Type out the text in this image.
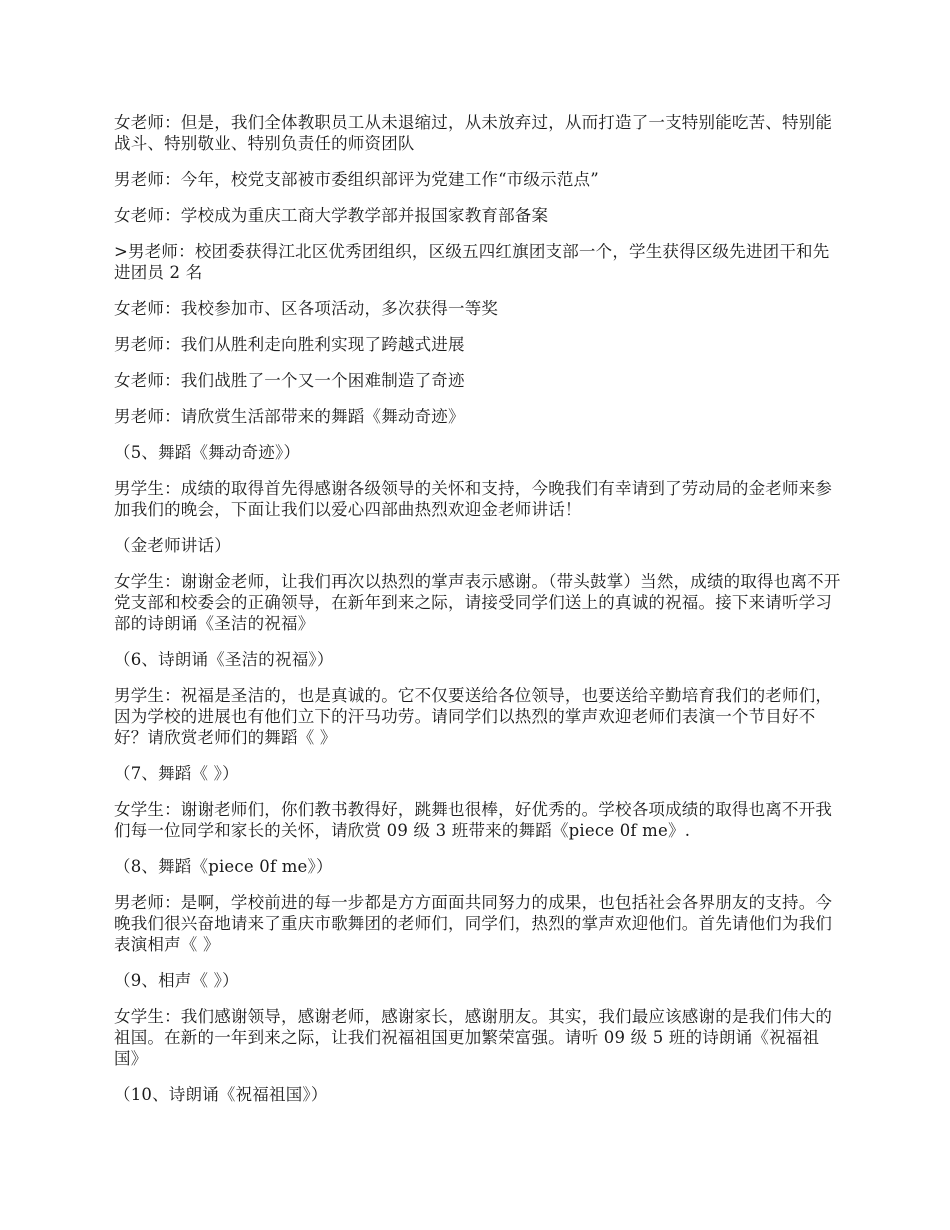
女老师：但是，我们全体教职员工从未退缩过，从未放弃过，从而打造了一支特别能吃苦、特别能战斗、特别敬业、特别负责任的师资团队

男老师：今年，校党支部被市委组织部评为党建工作“市级示范点”

女老师：学校成为重庆工商大学教学部并报国家教育部备案

>男老师：校团委获得江北区优秀团组织，区级五四红旗团支部一个，学生获得区级先进团干和先进团员 2 名

女老师：我校参加市、区各项活动，多次获得一等奖

男老师：我们从胜利走向胜利实现了跨越式进展

女老师：我们战胜了一个又一个困难制造了奇迹

男老师：请欣赏生活部带来的舞蹈《舞动奇迹》

（5、舞蹈《舞动奇迹》）

男学生：成绩的取得首先得感谢各级领导的关怀和支持，今晚我们有幸请到了劳动局的金老师来参加我们的晚会，下面让我们以爱心四部曲热烈欢迎金老师讲话！

（金老师讲话）

女学生：谢谢金老师，让我们再次以热烈的掌声表示感谢。（带头鼓掌）当然，成绩的取得也离不开党支部和校委会的正确领导，在新年到来之际，请接受同学们送上的真诚的祝福。接下来请听学习部的诗朗诵《圣洁的祝福》

（6、诗朗诵《圣洁的祝福》）

男学生：祝福是圣洁的，也是真诚的。它不仅要送给各位领导，也要送给辛勤培育我们的老师们，因为学校的进展也有他们立下的汗马功劳。请同学们以热烈的掌声欢迎老师们表演一个节目好不好？请欣赏老师们的舞蹈《 》

（7、舞蹈《 》）

女学生：谢谢老师们，你们教书教得好，跳舞也很棒，好优秀的。学校各项成绩的取得也离不开我们每一位同学和家长的关怀，请欣赏 09 级 3 班带来的舞蹈《piece 0f me》.

（8、舞蹈《piece 0f me》）

男老师：是啊，学校前进的每一步都是方方面面共同努力的成果，也包括社会各界朋友的支持。今晚我们很兴奋地请来了重庆市歌舞团的老师们，同学们，热烈的掌声欢迎他们。首先请他们为我们表演相声《 》

（9、相声《 》）

女学生：我们感谢领导，感谢老师，感谢家长，感谢朋友。其实，我们最应该感谢的是我们伟大的祖国。在新的一年到来之际，让我们祝福祖国更加繁荣富强。请听 09 级 5 班的诗朗诵《祝福祖国》

（10、诗朗诵《祝福祖国》）
